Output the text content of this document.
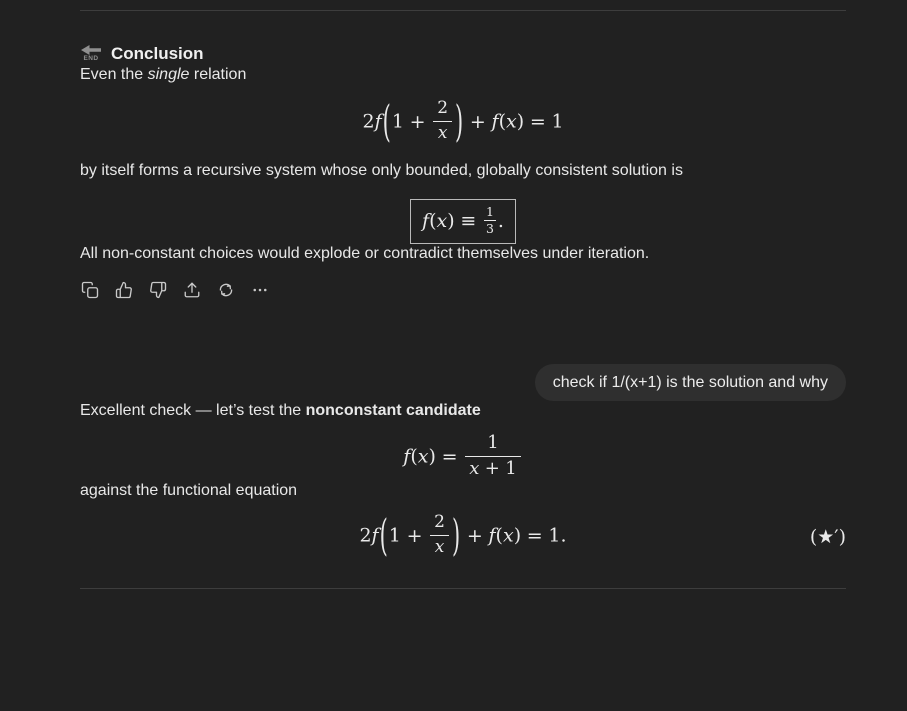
END Conclusion

Even the single relation

$2f(1 + \frac{2}{x}$ ) + f(x) = 1

by itself forms a recursive system whose only bounded, globally consistent solution is

$f(x) \equiv \frac{1}{3}$ .

All non-constant choices would explode or contradict themselves under iteration.

check if 1/(x+1) is the solution and why

Excellent check — let’s test the nonconstant candidate

$f(x) = \frac{1}{x + 1}$

against the functional equation

$2f(1 + \frac{2}{x}$ ) + f(x) = 1.	(★′)
